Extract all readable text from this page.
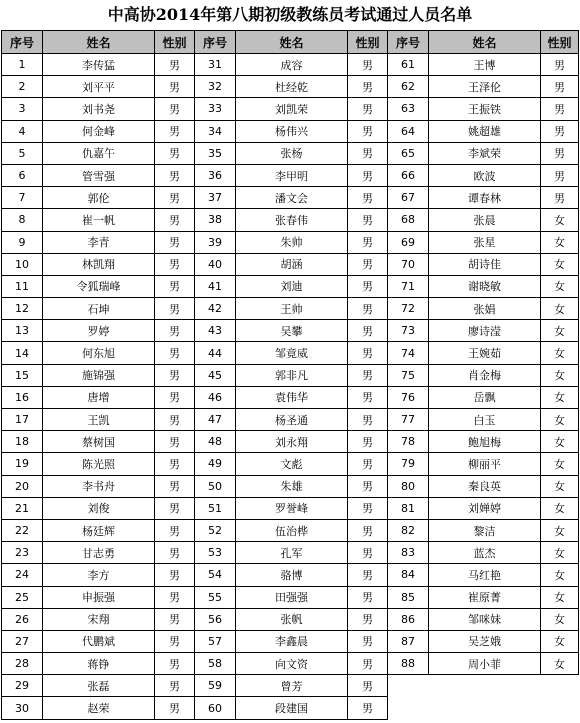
中高协2014年第八期初级教练员考试通过人员名单
序号	姓名	性别	序号	姓名	性别	序号	姓名	性别
1	李传猛	男	31	成容	男	61	王博	男
2	刘平平	男	32	杜经乾	男	62	王泽伦	男
3	刘书尧	男	33	刘凯荣	男	63	王振铁	男
4	何金峰	男	34	杨伟兴	男	64	姚超雄	男
5	仇嘉午	男	35	张杨	男	65	李斌荣	男
6	管雪强	男	36	李甲明	男	66	欧波	男
7	郭伦	男	37	潘文会	男	67	谭春林	男
8	崔一帆	男	38	张春伟	男	68	张晨	女
9	李青	男	39	朱帅	男	69	张星	女
10	林凯翔	男	40	胡涵	男	70	胡诗佳	女
11	令狐瑞峰	男	41	刘迪	男	71	谢晓敏	女
12	石坤	男	42	王帅	男	72	张娟	女
13	罗婷	男	43	吴攀	男	73	廖诗滢	女
14	何东旭	男	44	邹竟威	男	74	王婉茹	女
15	施锦强	男	45	郭非凡	男	75	肖金梅	女
16	唐增	男	46	袁伟华	男	76	岳飘	女
17	王凯	男	47	杨圣通	男	77	白玉	女
18	蔡树国	男	48	刘永翔	男	78	鲍旭梅	女
19	陈光照	男	49	文彪	男	79	柳丽平	女
20	李书舟	男	50	朱雄	男	80	秦良英	女
21	刘俊	男	51	罗誉峰	男	81	刘婵婷	女
22	杨廷辉	男	52	伍治桦	男	82	黎洁	女
23	甘志勇	男	53	孔军	男	83	蓝杰	女
24	李方	男	54	骆博	男	84	马红艳	女
25	申振强	男	55	田强强	男	85	崔原菁	女
26	宋翔	男	56	张帆	男	86	邹咪妹	女
27	代鹏斌	男	57	李鑫晨	男	87	吴芝娥	女
28	蒋铮	男	58	向文资	男	88	周小菲	女
29	张磊	男	59	曾芳	男			
30	赵荣	男	60	段建国	男			
